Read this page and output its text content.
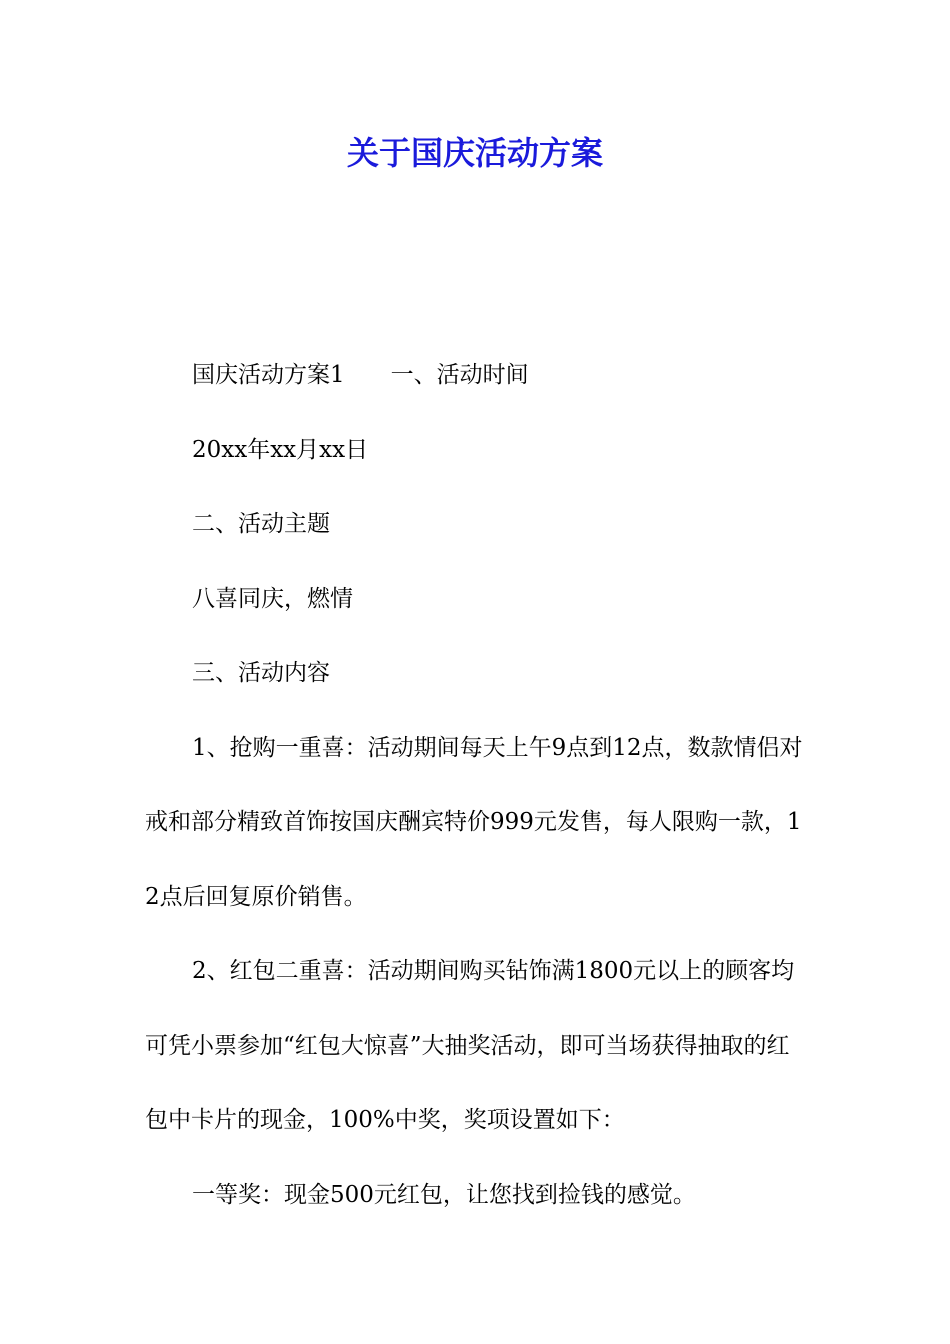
关于国庆活动方案

国庆活动方案1 一、活动时间

20xx年xx月xx日

二、活动主题

八喜同庆，燃情

三、活动内容

1、抢购一重喜：活动期间每天上午9点到12点，数款情侣对戒和部分精致首饰按国庆酬宾特价999元发售，每人限购一款，12点后回复原价销售。

2、红包二重喜：活动期间购买钻饰满1800元以上的顾客均可凭小票参加“红包大惊喜”大抽奖活动，即可当场获得抽取的红包中卡片的现金，100%中奖，奖项设置如下：

一等奖：现金500元红包，让您找到捡钱的感觉。
